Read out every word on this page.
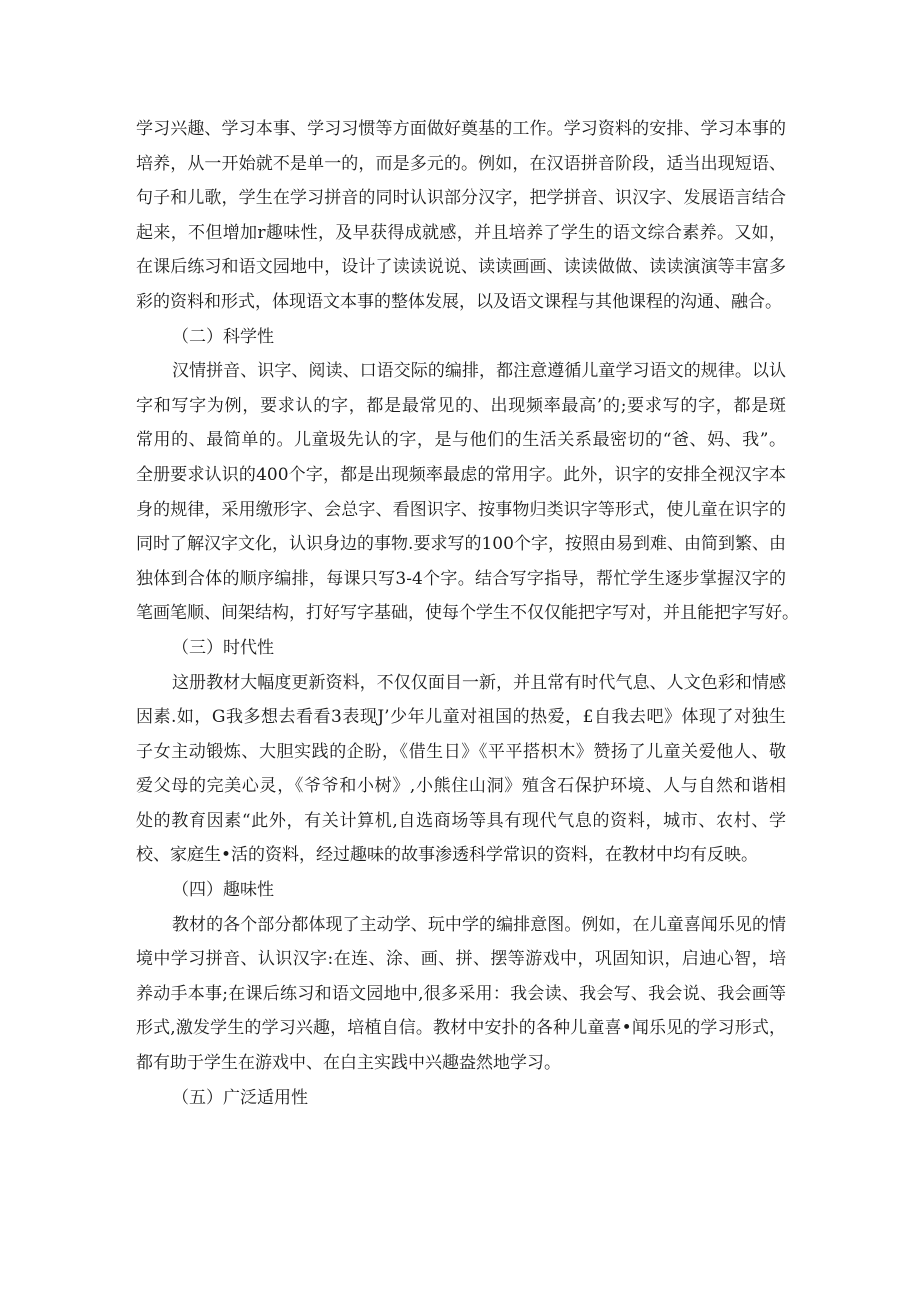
学习兴趣、学习本事、学习习惯等方面做好奠基的工作。学习资料的安排、学习本事的
培养，从一开始就不是单一的，而是多元的。例如，在汉语拼音阶段，适当出现短语、
句子和儿歌，学生在学习拼音的同时认识部分汉字，把学拼音、识汉字、发展语言结合
起来，不但增加r趣味性，及早获得成就感，并且培养了学生的语文综合素养。又如，
在课后练习和语文园地中，设计了读读说说、读读画画、读读做做、读读演演等丰富多
彩的资料和形式，体现语文本事的整体发展，以及语文课程与其他课程的沟通、融合。
（二）科学性
汉情拼音、识字、阅读、口语交际的编排，都注意遵循儿童学习语文的规律。以认
字和写字为例，要求认的字，都是最常见的、出现频率最高’的;要求写的字，都是斑
常用的、最简单的。儿童圾先认的字，是与他们的生活关系最密切的“爸、妈、我”。
全册要求认识的400个字，都是出现频率最虑的常用字。此外，识字的安排全视汉字本
身的规律，采用缴形字、会总字、看图识字、按事物归类识字等形式，使儿童在识字的
同时了解汉字文化，认识身边的事物.要求写的100个字，按照由易到难、由简到繁、由
独体到合体的顺序编排，每课只写3-4个字。结合写字指导，帮忙学生逐步掌握汉字的
笔画笔顺、间架结构，打好写字基础，使每个学生不仅仅能把字写对，并且能把字写好。
（三）时代性
这册教材大幅度更新资料，不仅仅面目一新，并且常有时代气息、人文色彩和情感
因素.如，G我多想去看看3表现J’少年儿童对祖国的热爱，£自我去吧》体现了对独生
子女主动锻炼、大胆实践的企盼，《借生日》《平平搭枳木》赞扬了儿童关爱他人、敬
爱父母的完美心灵，《爷爷和小树》,小熊住山洞》殖含石保护环境、人与自然和谐相
处的教育因素“此外，有关计算机,自选商场等具有现代气息的资料，城市、农村、学
校、家庭生•活的资料，经过趣味的故事渗透科学常识的资料，在教材中均有反映。
（四）趣味性
教材的各个部分都体现了主动学、玩中学的编排意图。例如，在儿童喜闻乐见的情
境中学习拼音、认识汉字:在连、涂、画、拼、摆等游戏中，巩固知识，启迪心智，培
养动手本事;在课后练习和语文园地中,很多采用：我会读、我会写、我会说、我会画等
形式,激发学生的学习兴趣，培植自信。教材中安扑的各种儿童喜•闻乐见的学习形式，
都有助于学生在游戏中、在白主实践中兴趣盎然地学习。
（五）广泛适用性
